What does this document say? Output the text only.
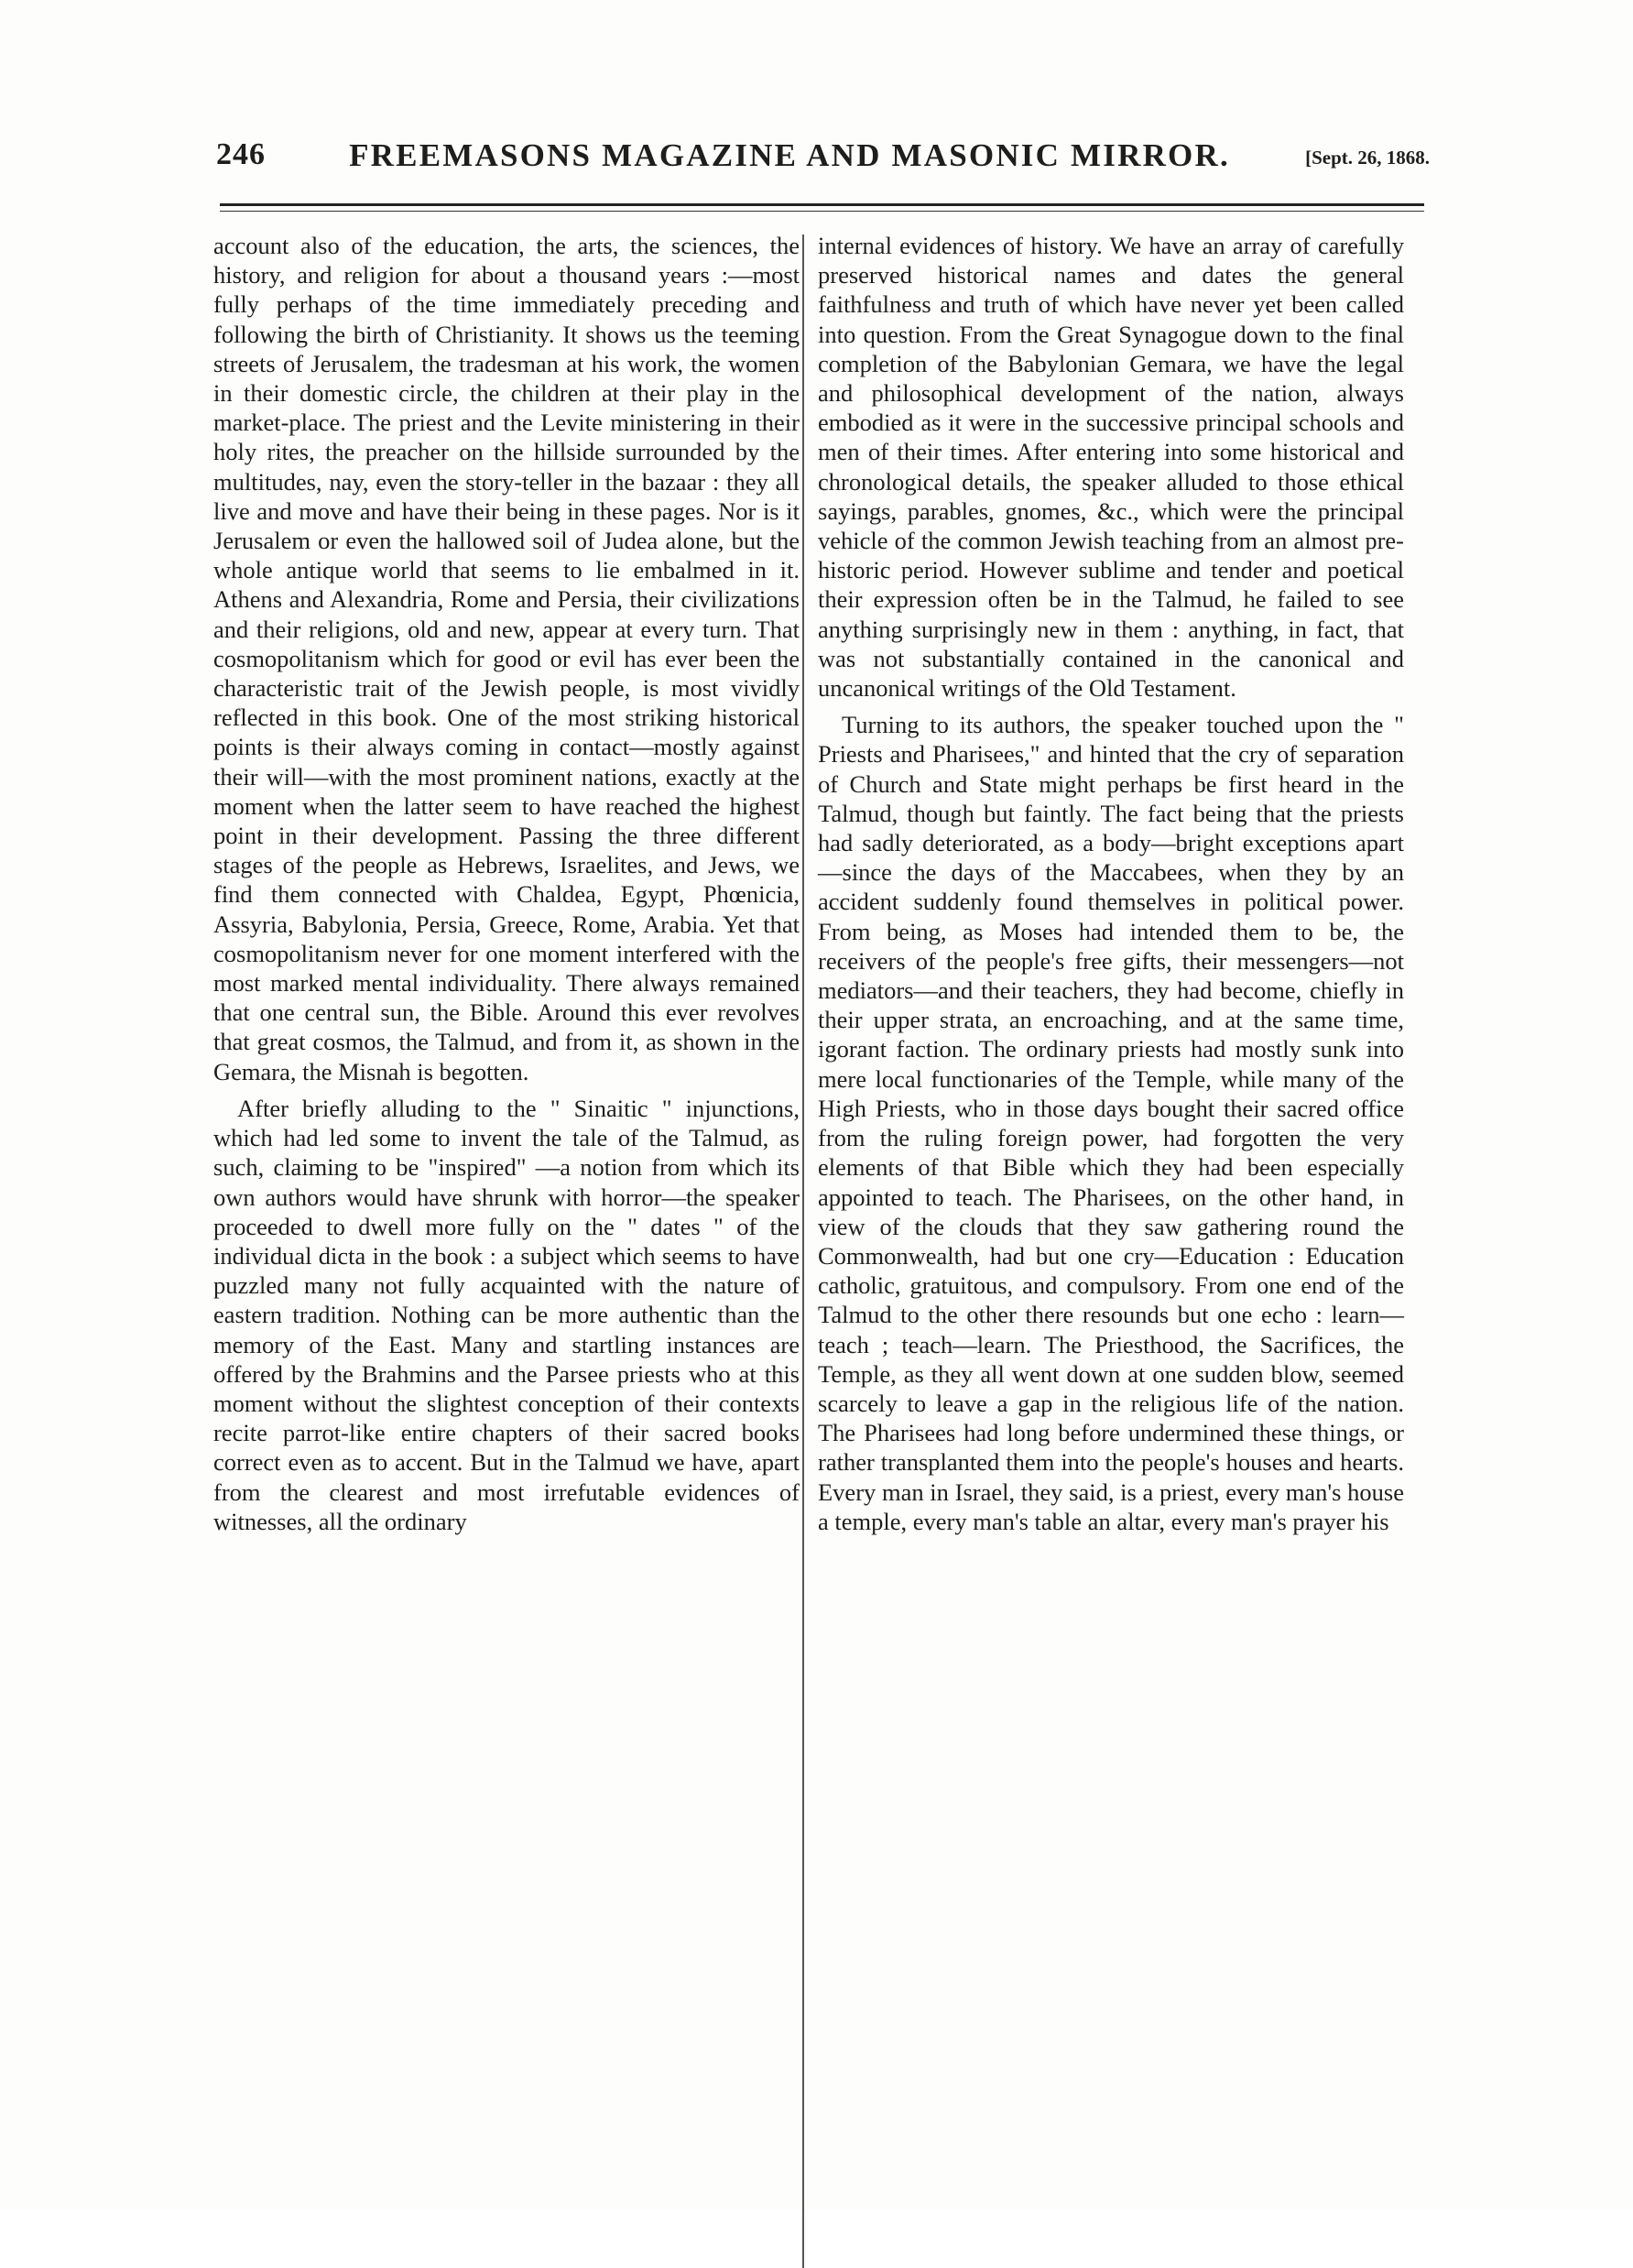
246	FREEMASONS MAGAZINE AND MASONIC MIRROR.	[Sept. 26, 1868.

account also of the education, the arts, the sciences, the history, and religion for about a thousand years :—most fully perhaps of the time immediately preceding and following the birth of Christianity. It shows us the teeming streets of Jerusalem, the tradesman at his work, the women in their domestic circle, the children at their play in the market-place. The priest and the Levite ministering in their holy rites, the preacher on the hillside surrounded by the multitudes, nay, even the story-teller in the bazaar : they all live and move and have their being in these pages. Nor is it Jerusalem or even the hallowed soil of Judea alone, but the whole antique world that seems to lie embalmed in it. Athens and Alexandria, Rome and Persia, their civilizations and their religions, old and new, appear at every turn. That cosmopolitanism which for good or evil has ever been the characteristic trait of the Jewish people, is most vividly reflected in this book. One of the most striking historical points is their always coming in contact—mostly against their will—with the most prominent nations, exactly at the moment when the latter seem to have reached the highest point in their development. Passing the three different stages of the people as Hebrews, Israelites, and Jews, we find them connected with Chaldea, Egypt, Phœnicia, Assyria, Babylonia, Persia, Greece, Rome, Arabia. Yet that cosmopolitanism never for one moment interfered with the most marked mental individuality. There always remained that one central sun, the Bible. Around this ever revolves that great cosmos, the Talmud, and from it, as shown in the Gemara, the Misnah is begotten.

After briefly alluding to the " Sinaitic " injunctions, which had led some to invent the tale of the Talmud, as such, claiming to be "inspired" —a notion from which its own authors would have shrunk with horror—the speaker proceeded to dwell more fully on the " dates " of the individual dicta in the book : a subject which seems to have puzzled many not fully acquainted with the nature of eastern tradition. Nothing can be more authentic than the memory of the East. Many and startling instances are offered by the Brahmins and the Parsee priests who at this moment without the slightest conception of their contexts recite parrot-like entire chapters of their sacred books correct even as to accent. But in the Talmud we have, apart from the clearest and most irrefutable evidences of witnesses, all the ordinary

internal evidences of history. We have an array of carefully preserved historical names and dates the general faithfulness and truth of which have never yet been called into question. From the Great Synagogue down to the final completion of the Babylonian Gemara, we have the legal and philosophical development of the nation, always embodied as it were in the successive principal schools and men of their times. After entering into some historical and chronological details, the speaker alluded to those ethical sayings, parables, gnomes, &c., which were the principal vehicle of the common Jewish teaching from an almost pre-historic period. However sublime and tender and poetical their expression often be in the Talmud, he failed to see anything surprisingly new in them : anything, in fact, that was not substantially contained in the canonical and uncanonical writings of the Old Testament.

Turning to its authors, the speaker touched upon the " Priests and Pharisees," and hinted that the cry of separation of Church and State might perhaps be first heard in the Talmud, though but faintly. The fact being that the priests had sadly deteriorated, as a body—bright exceptions apart—since the days of the Maccabees, when they by an accident suddenly found themselves in political power. From being, as Moses had intended them to be, the receivers of the people's free gifts, their messengers—not mediators—and their teachers, they had become, chiefly in their upper strata, an encroaching, and at the same time, igorant faction. The ordinary priests had mostly sunk into mere local functionaries of the Temple, while many of the High Priests, who in those days bought their sacred office from the ruling foreign power, had forgotten the very elements of that Bible which they had been especially appointed to teach. The Pharisees, on the other hand, in view of the clouds that they saw gathering round the Commonwealth, had but one cry—Education : Education catholic, gratuitous, and compulsory. From one end of the Talmud to the other there resounds but one echo : learn—teach ; teach—learn. The Priesthood, the Sacrifices, the Temple, as they all went down at one sudden blow, seemed scarcely to leave a gap in the religious life of the nation. The Pharisees had long before undermined these things, or rather transplanted them into the people's houses and hearts. Every man in Israel, they said, is a priest, every man's house a temple, every man's table an altar, every man's prayer his
